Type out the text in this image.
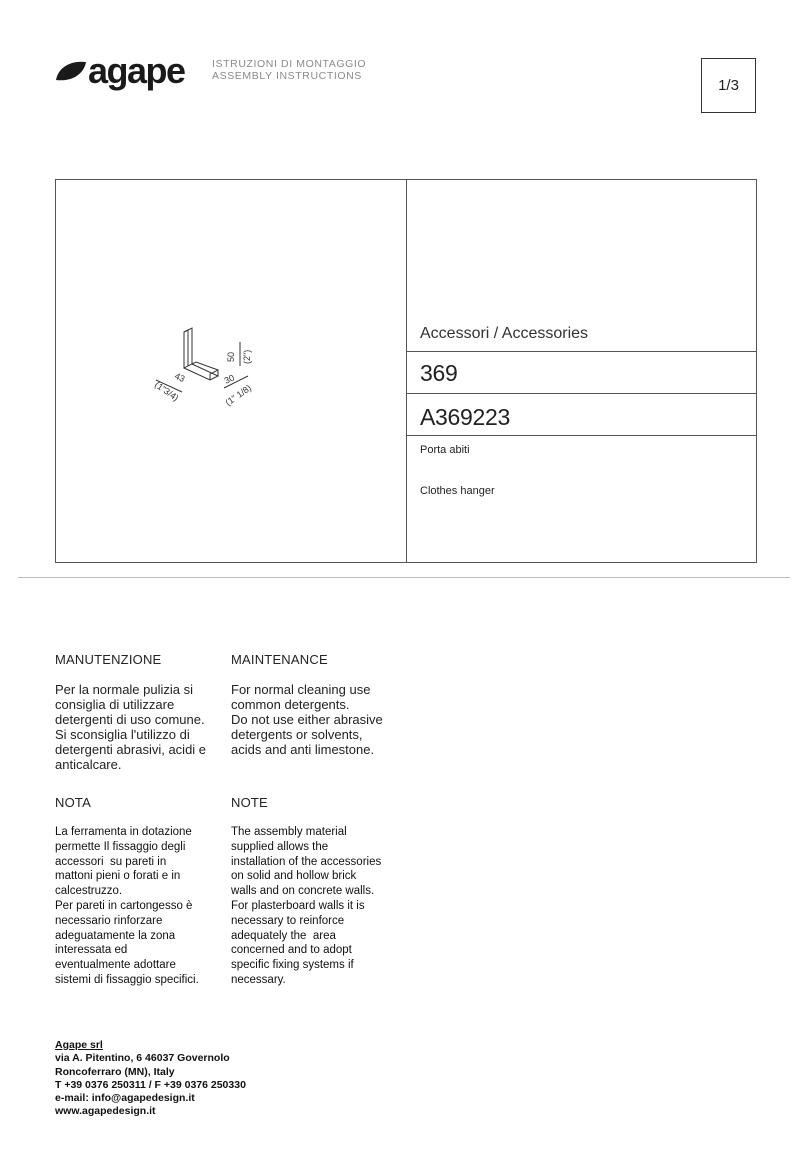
agape	ISTRUZIONI DI MONTAGGIO
ASSEMBLY INSTRUCTIONS
1/3
50 (2")
43
(1"3/4)
30
(1" 1/8)
Accessori / Accessories
369
A369223
Porta abiti
Clothes hanger
MANUTENZIONE	MAINTENANCE
Per la normale pulizia si
consiglia di utilizzare
detergenti di uso comune.
Si sconsiglia l'utilizzo di
detergenti abrasivi, acidi e
anticalcare.
For normal cleaning use
common detergents.
Do not use either abrasive
detergents or solvents,
acids and anti limestone.
NOTA	NOTE
La ferramenta in dotazione
permette Il fissaggio degli
accessori  su pareti in
mattoni pieni o forati e in
calcestruzzo.
Per pareti in cartongesso è
necessario rinforzare
adeguatamente la zona
interessata ed
eventualmente adottare
sistemi di fissaggio specifici.
The assembly material
supplied allows the
installation of the accessories
on solid and hollow brick
walls and on concrete walls.
For plasterboard walls it is
necessary to reinforce
adequately the  area
concerned and to adopt
specific fixing systems if
necessary.
Agape srl
via A. Pitentino, 6 46037 Governolo
Roncoferraro (MN), Italy
T +39 0376 250311 / F +39 0376 250330
e-mail: info@agapedesign.it
www.agapedesign.it
